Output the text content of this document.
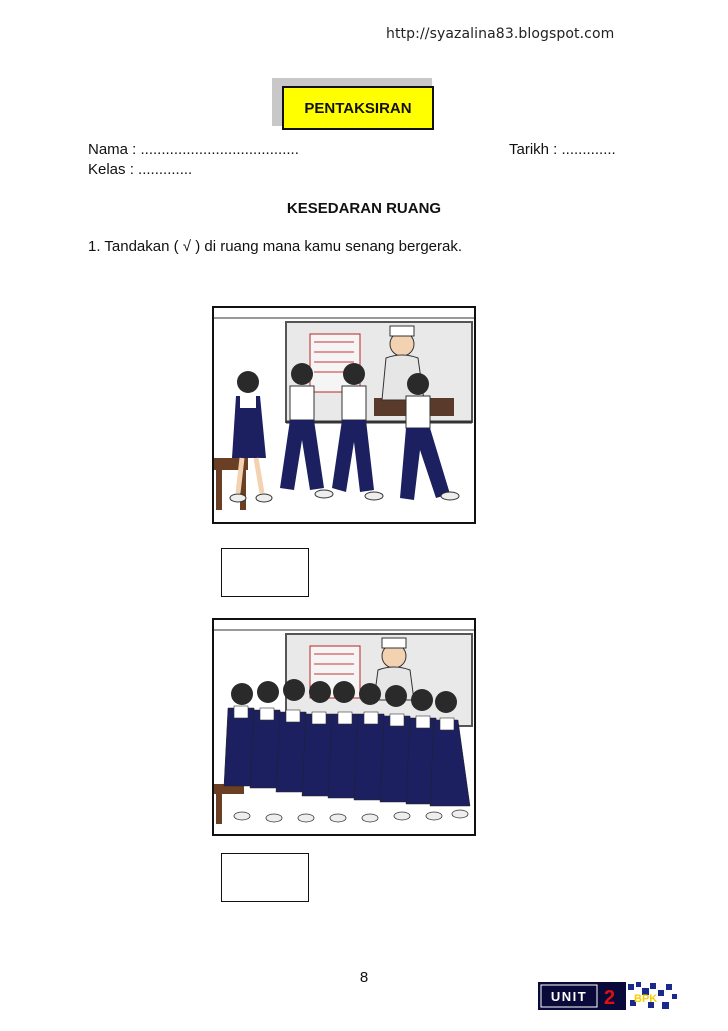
http://syazalina83.blogspot.com
PENTAKSIRAN
Nama : ......................................	Tarikh : .............
Kelas : .............
KESEDARAN RUANG
1. Tandakan ( √ ) di ruang mana kamu senang bergerak.
8
UNIT 2 BPK
